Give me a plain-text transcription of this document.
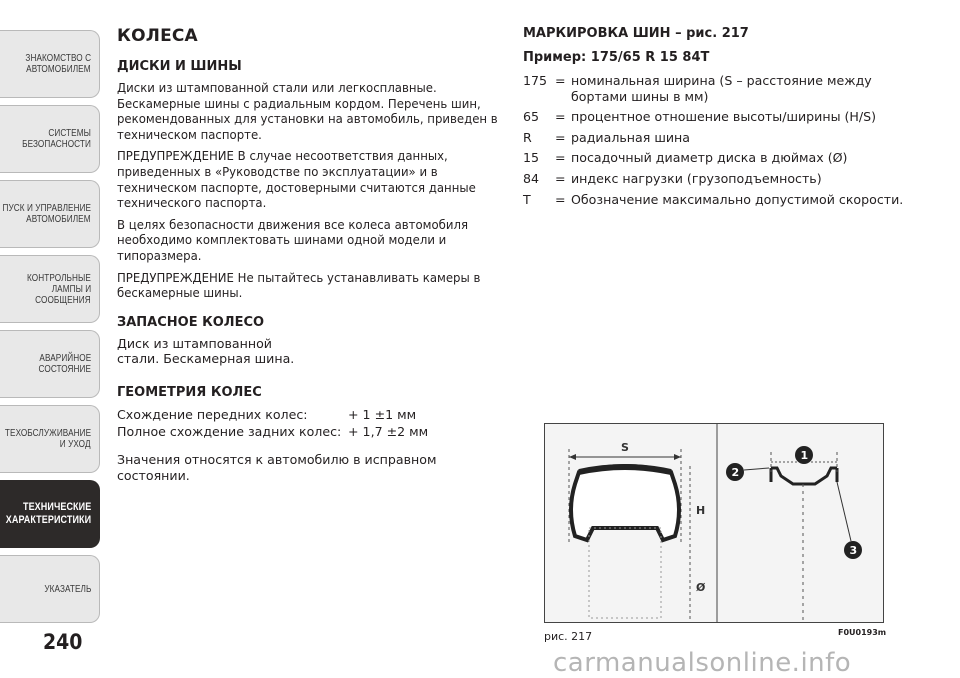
ЗНАКОМСТВО С
АВТОМОБИЛЕМ
СИСТЕМЫ
БЕЗОПАСНОСТИ
ПУСК И УПРАВЛЕНИЕ
АВТОМОБИЛЕМ
КОНТРОЛЬНЫЕ
ЛАМПЫ И
СООБЩЕНИЯ
АВАРИЙНОЕ
СОСТОЯНИЕ
ТЕХОБСЛУЖИВАНИЕ
И УХОД
ТЕХНИЧЕСКИЕ
ХАРАКТЕРИСТИКИ
УКАЗАТЕЛЬ
240
КОЛЕСА
ДИСКИ И ШИНЫ

Диски из штампованной стали или легкосплавные. Бескамерные шины с радиальным кордом. Перечень шин, рекомендованных для установки на автомобиль, приведен в техническом паспорте.

ПРЕДУПРЕЖДЕНИЕ В случае несоответствия данных, приведенных в «Руководстве по эксплуатации» и в техническом паспорте, достоверными считаются данные технического паспорта.

В целях безопасности движения все колеса автомобиля необходимо комплектовать шинами одной модели и типоразмера.

ПРЕДУПРЕЖДЕНИЕ Не пытайтесь устанавливать камеры в бескамерные шины.

ЗАПАСНОЕ КОЛЕСО

Диск из штампованной стали. Бескамерная шина.

ГЕОМЕТРИЯ КОЛЕС
Схождение передних колес:	+ 1 ±1 мм
Полное схождение задних колес: + 1,7 ±2 мм

Значения относятся к автомобилю в исправном состоянии.

МАРКИРОВКА ШИН – рис. 217
Пример: 175/65 R 15 84T
175 = номинальная ширина (S – расстояние между бортами шины в мм)
65	= процентное отношение высоты/ширины (H/S)
R	= радиальная шина
15	= посадочный диаметр диска в дюймах (Ø)
84	= индекс нагрузки (грузоподъемность)
T	= Обозначение максимально допустимой скорости.
S
H
Ø
1
2
3
рис. 217	F0U0193m
carmanualsonline.info
